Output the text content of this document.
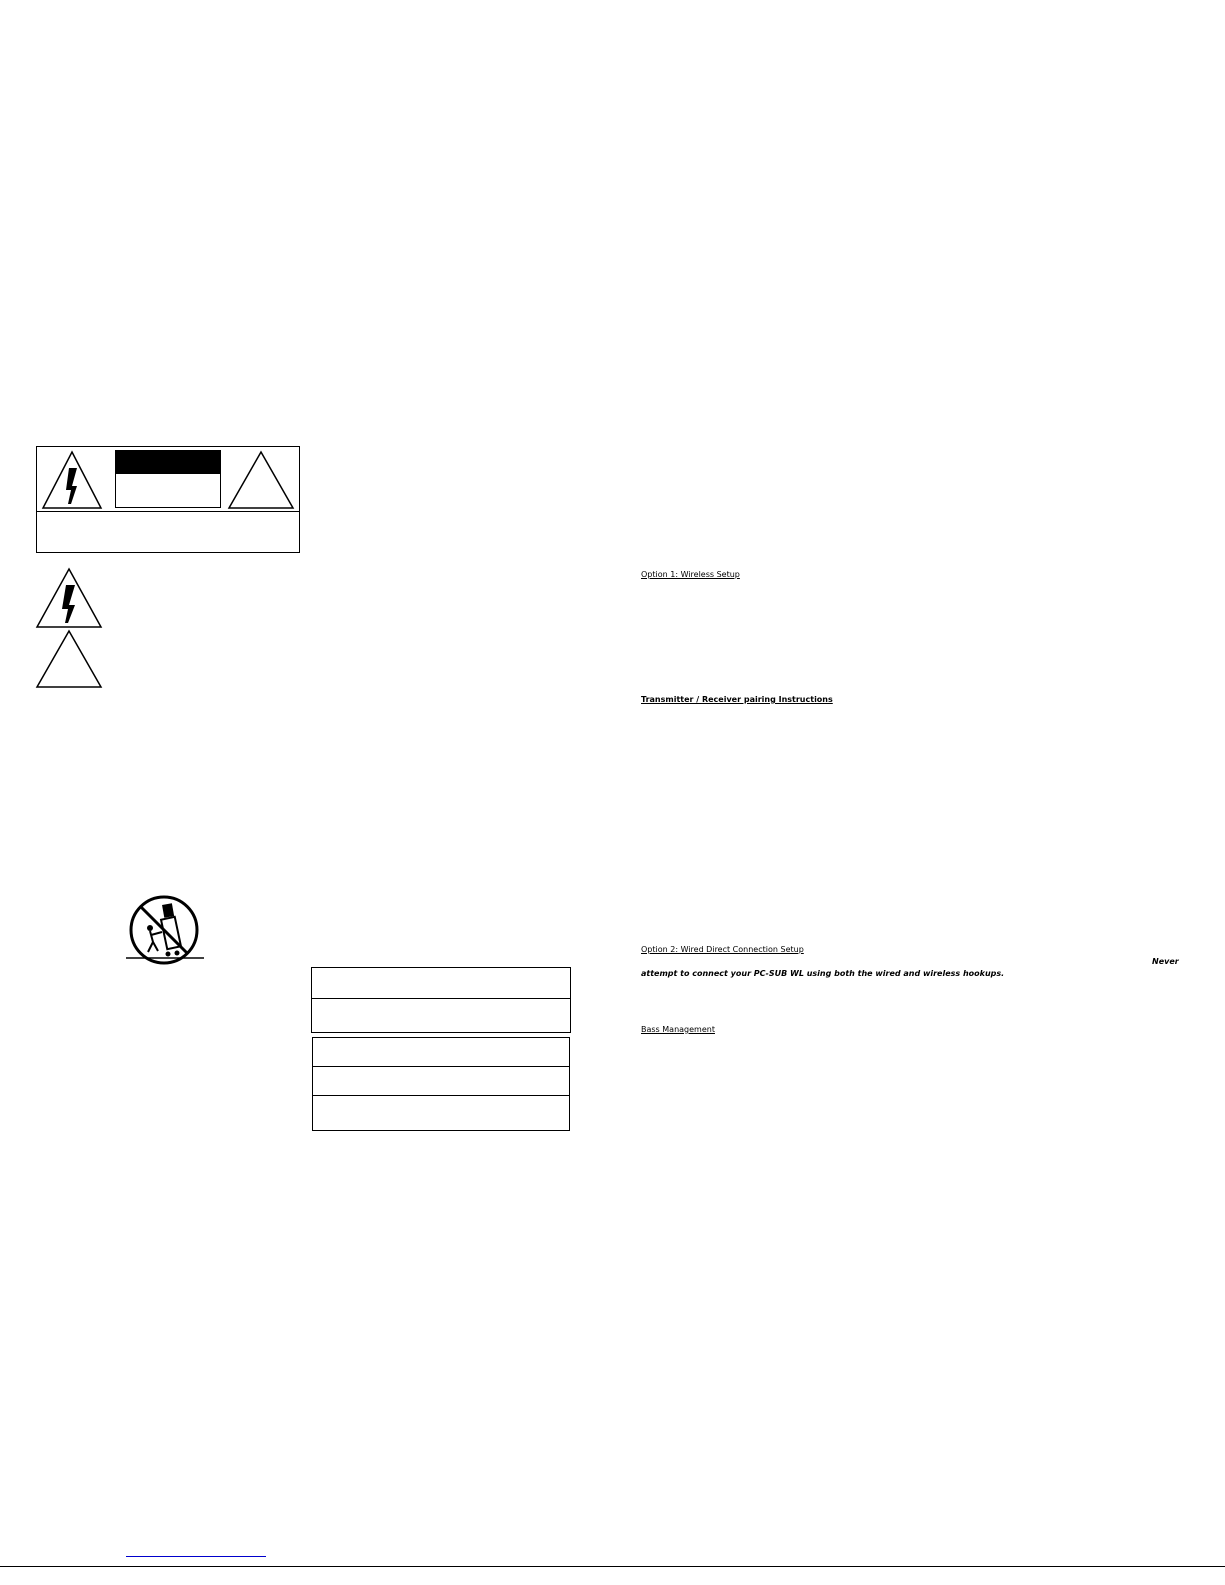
Option 1: Wireless Setup
Transmitter / Receiver pairing Instructions
Option 2: Wired Direct Connection Setup
Never
attempt to connect your PC-SUB WL using both the wired and wireless hookups.
Bass Management
